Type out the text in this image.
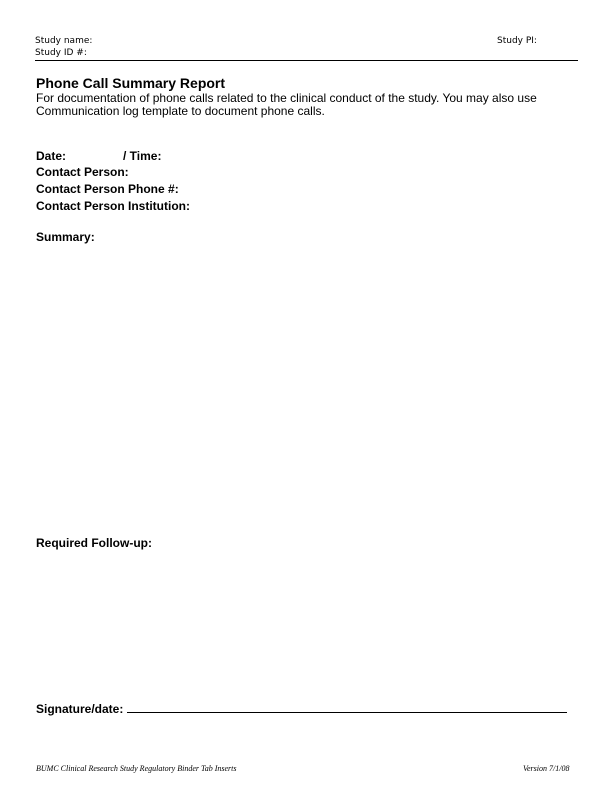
Study name:
Study ID #:
Study PI:
Phone Call Summary Report
For documentation of phone calls related to the clinical conduct of the study. You may also use
Communication log template to document phone calls.
Date:	/ Time:
Contact Person:
Contact Person Phone #:
Contact Person Institution:
Summary:
Required Follow-up:
Signature/date:
BUMC Clinical Research Study Regulatory Binder Tab Inserts	Version 7/1/08
